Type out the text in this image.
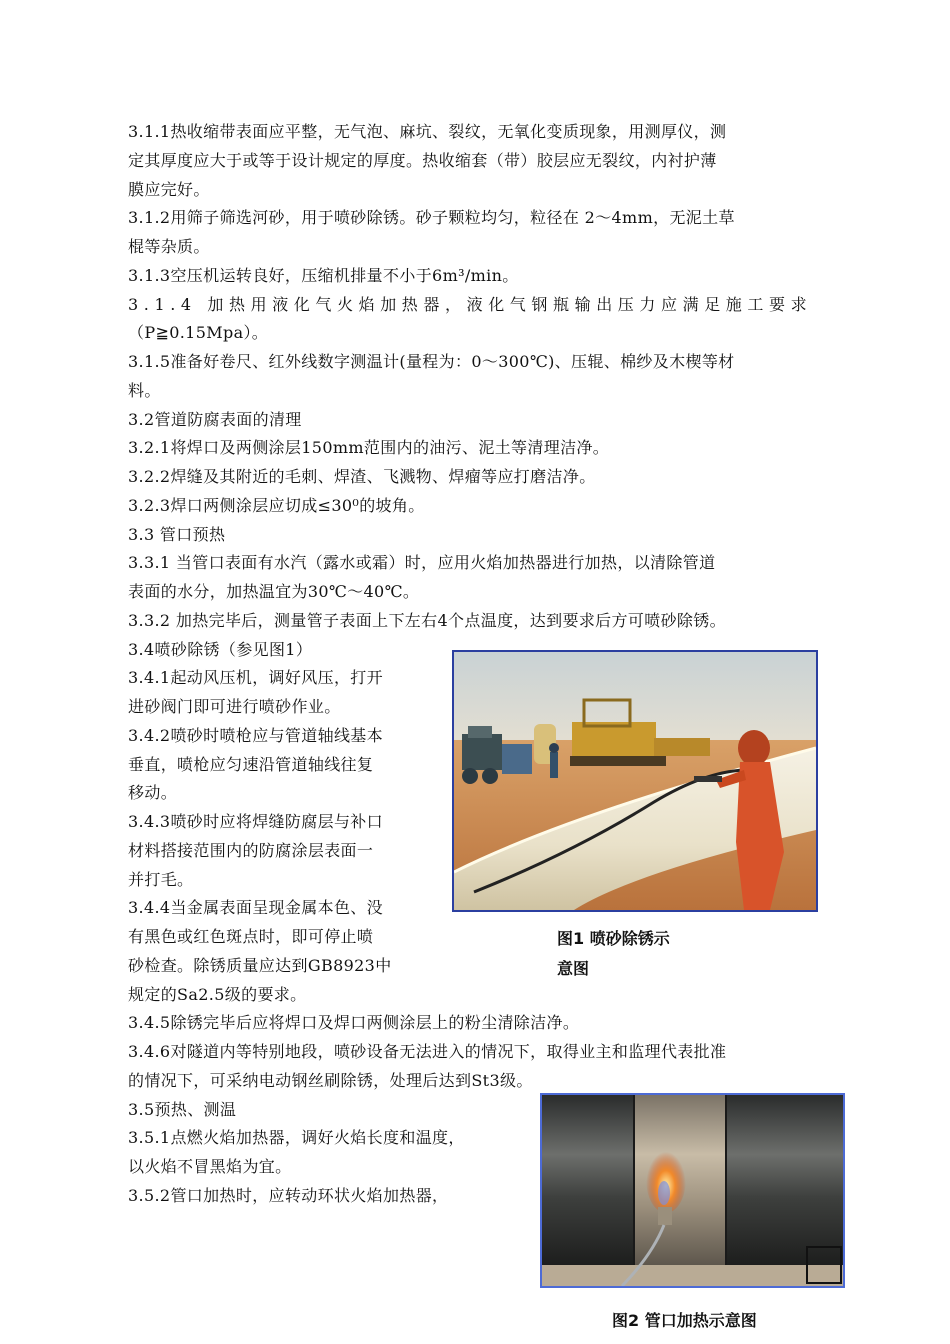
3.1.1热收缩带表面应平整，无气泡、麻坑、裂纹，无氧化变质现象，用测厚仪，测
定其厚度应大于或等于设计规定的厚度。热收缩套（带）胶层应无裂纹，内衬护薄
膜应完好。
3.1.2用筛子筛选河砂，用于喷砂除锈。砂子颗粒均匀，粒径在 2～4mm，无泥土草
棍等杂质。
3.1.3空压机运转良好，压缩机排量不小于6m³/min。
3.1.4 加热用液化气火焰加热器，液化气钢瓶输出压力应满足施工要求
（P≧0.15Mpa）。
3.1.5准备好卷尺、红外线数字测温计(量程为：0～300℃)、压辊、棉纱及木楔等材
料。
3.2管道防腐表面的清理
3.2.1将焊口及两侧涂层150mm范围内的油污、泥土等清理洁净。
3.2.2焊缝及其附近的毛刺、焊渣、飞溅物、焊瘤等应打磨洁净。
3.2.3焊口两侧涂层应切成≤30⁰的坡角。
3.3 管口预热
3.3.1 当管口表面有水汽（露水或霜）时，应用火焰加热器进行加热，以清除管道
表面的水分，加热温宜为30℃～40℃。
3.3.2 加热完毕后，测量管子表面上下左右4个点温度，达到要求后方可喷砂除锈。
3.4喷砂除锈（参见图1）
3.4.1起动风压机，调好风压，打开
进砂阀门即可进行喷砂作业。
3.4.2喷砂时喷枪应与管道轴线基本
垂直，喷枪应匀速沿管道轴线往复
移动。
3.4.3喷砂时应将焊缝防腐层与补口
材料搭接范围内的防腐涂层表面一
并打毛。
3.4.4当金属表面呈现金属本色、没
有黑色或红色斑点时，即可停止喷
砂检查。除锈质量应达到GB8923中
规定的Sa2.5级的要求。
3.4.5除锈完毕后应将焊口及焊口两侧涂层上的粉尘清除洁净。
3.4.6对隧道内等特别地段，喷砂设备无法进入的情况下，取得业主和监理代表批准
的情况下，可采纳电动钢丝刷除锈，处理后达到St3级。
3.5预热、测温
3.5.1点燃火焰加热器，调好火焰长度和温度，
以火焰不冒黑焰为宜。
3.5.2管口加热时，应转动环状火焰加热器，
图1 喷砂除锈示
意图
图2 管口加热示意图
